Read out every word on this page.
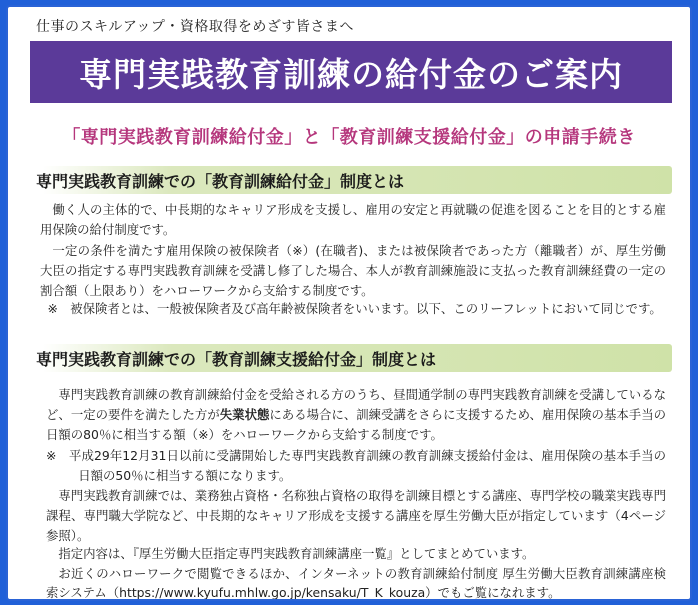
仕事のスキルアップ・資格取得をめざす皆さまへ
専門実践教育訓練の給付金のご案内
「専門実践教育訓練給付金」と「教育訓練支援給付金」の申請手続き
専門実践教育訓練での「教育訓練給付金」制度とは

働く人の主体的で、中長期的なキャリア形成を支援し、雇用の安定と再就職の促進を図ることを目的とする雇用保険の給付制度です。

一定の条件を満たす雇用保険の被保険者（※）(在職者)、または被保険者であった方（離職者）が、厚生労働大臣の指定する専門実践教育訓練を受講し修了した場合、本人が教育訓練施設に支払った教育訓練経費の一定の割合額（上限あり）をハローワークから支給する制度です。

※　被保険者とは、一般被保険者及び高年齢被保険者をいいます。以下、このリーフレットにおいて同じです。

専門実践教育訓練での「教育訓練支援給付金」制度とは

専門実践教育訓練の教育訓練給付金を受給される方のうち、昼間通学制の専門実践教育訓練を受講しているなど、一定の要件を満たした方が失業状態にある場合に、訓練受講をさらに支援するため、雇用保険の基本手当の日額の80％に相当する額（※）をハローワークから支給する制度です。

※　平成29年12月31日以前に受講開始した専門実践教育訓練の教育訓練支援給付金は、雇用保険の基本手当の日額の50％に相当する額になります。

専門実践教育訓練では、業務独占資格・名称独占資格の取得を訓練目標とする講座、専門学校の職業実践専門課程、専門職大学院など、中長期的なキャリア形成を支援する講座を厚生労働大臣が指定しています（4ページ参照）。

指定内容は、『厚生労働大臣指定専門実践教育訓練講座一覧』としてまとめています。

お近くのハローワークで閲覧できるほか、インターネットの教育訓練給付制度 厚生労働大臣教育訓練講座検索システム（https://www.kyufu.mhlw.go.jp/kensaku/T_K_kouza）でもご覧になれます。
